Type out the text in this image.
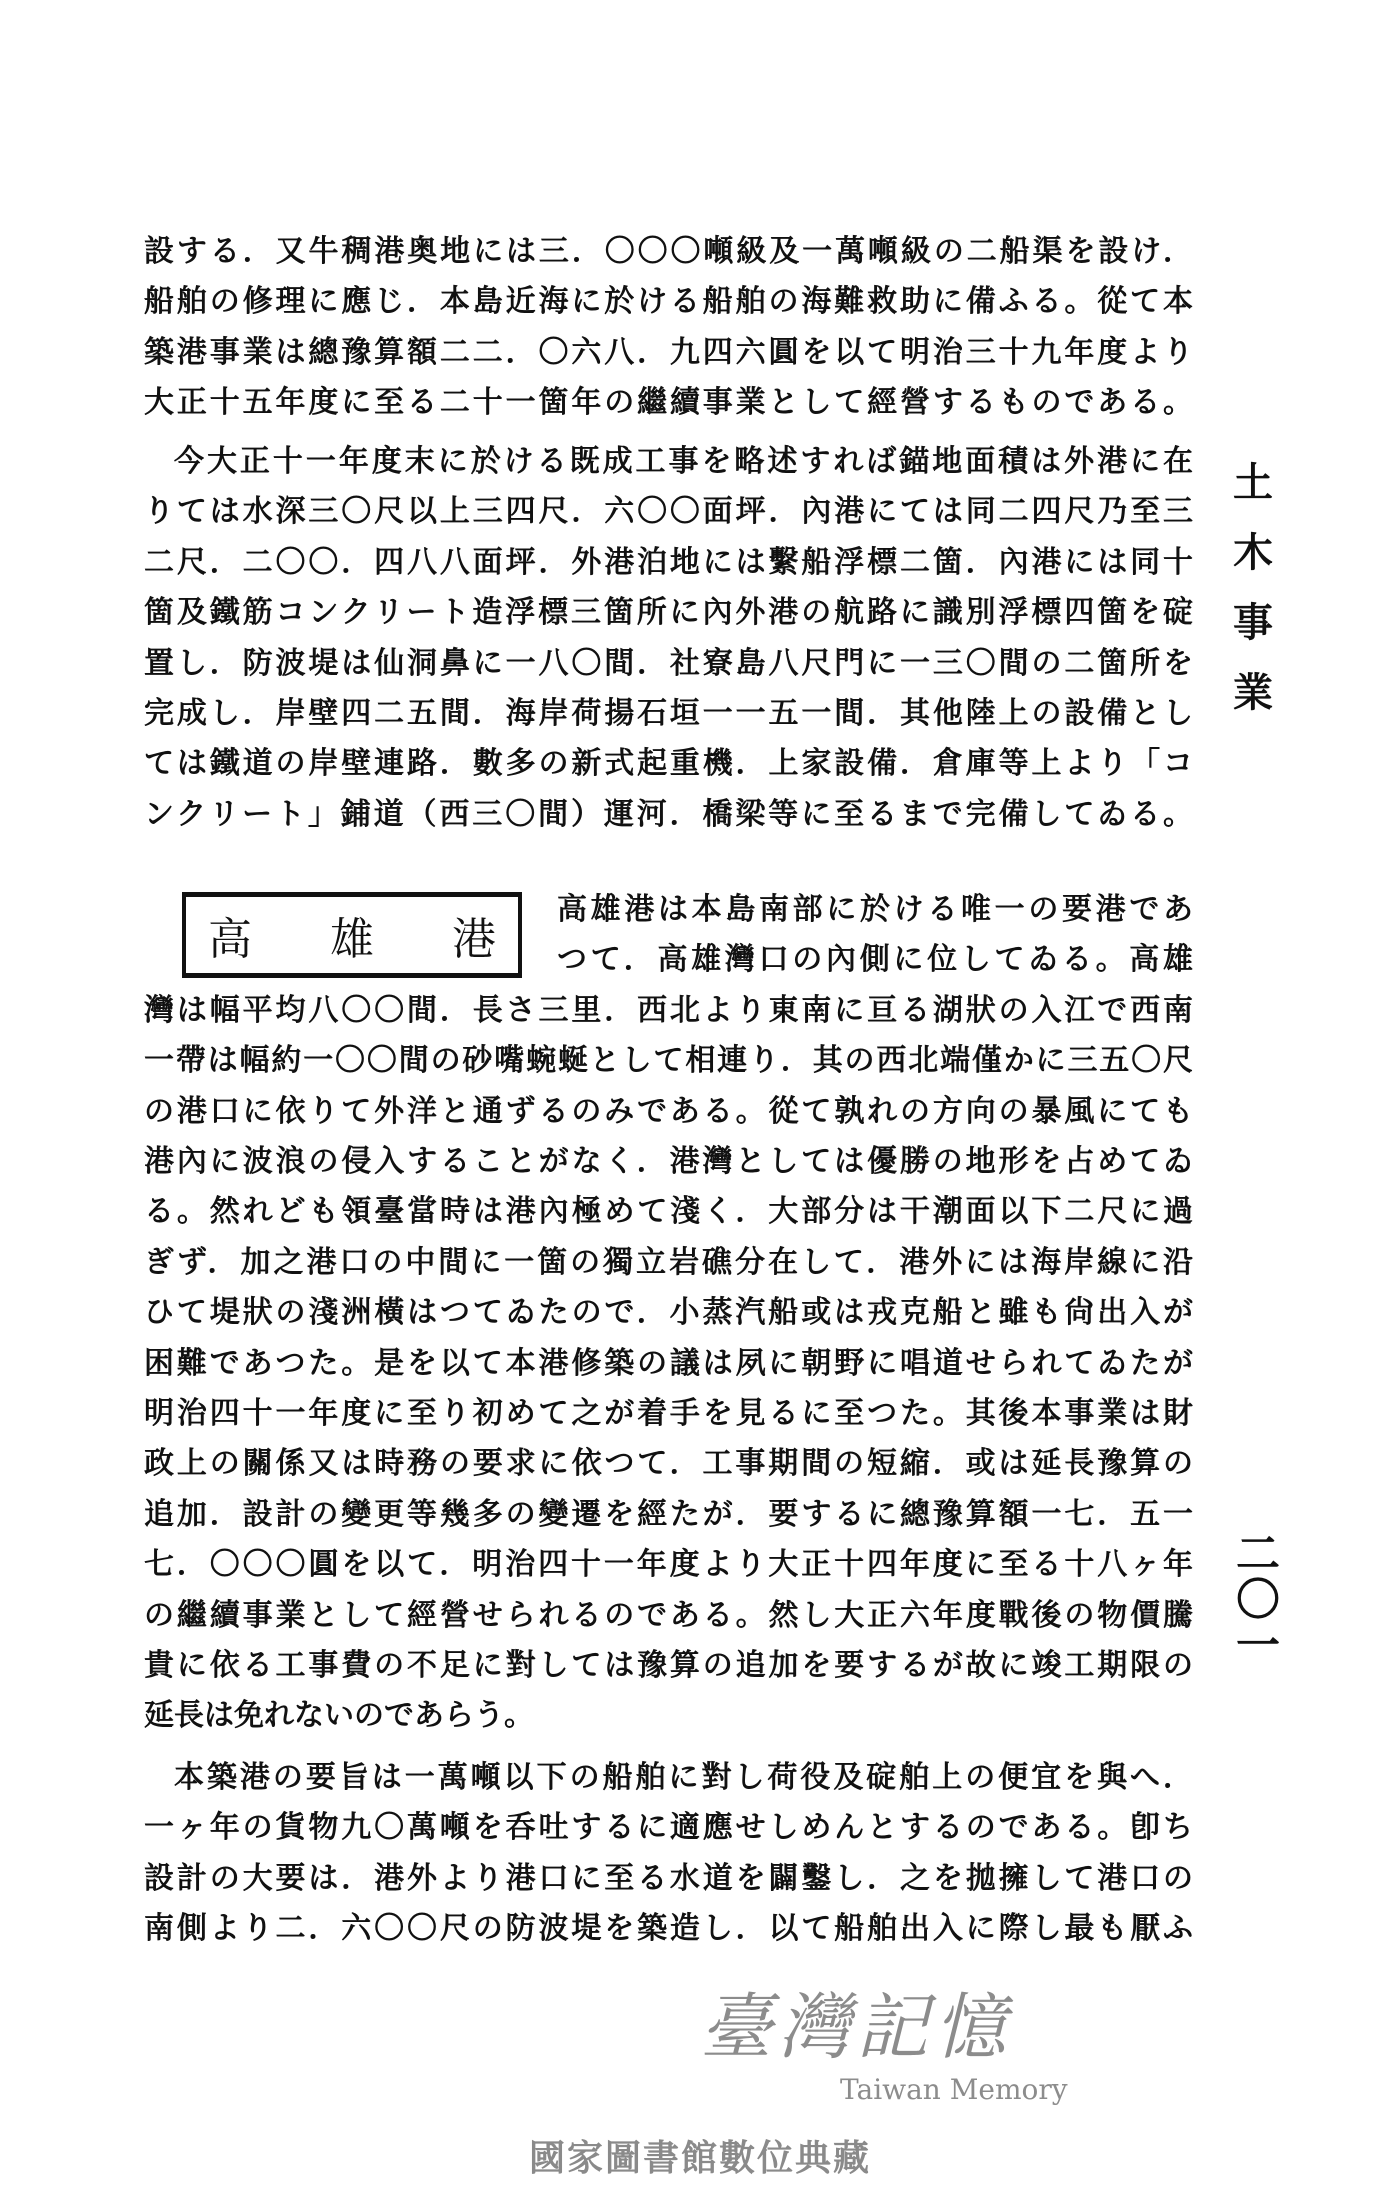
土
木
事
業
二〇一
高 雄 港
設する．又牛稠港奥地には三．〇〇〇噸級及一萬噸級の二船渠を設け．
船舶の修理に應じ．本島近海に於ける船舶の海難救助に備ふる。從て本
築港事業は總豫算額二二．〇六八．九四六圓を以て明治三十九年度より
大正十五年度に至る二十一箇年の繼續事業として經營するものである。
今大正十一年度末に於ける既成工事を略述すれば錨地面積は外港に在
りては水深三〇尺以上三四尺．六〇〇面坪．內港にては同二四尺乃至三
二尺．二〇〇．四八八面坪．外港泊地には繫船浮標二箇．內港には同十
箇及鐵筋コンクリート造浮標三箇所に內外港の航路に識別浮標四箇を碇
置し．防波堤は仙洞鼻に一八〇間．社寮島八尺門に一三〇間の二箇所を
完成し．岸壁四二五間．海岸荷揚石垣一一五一間．其他陸上の設備とし
ては鐵道の岸壁連路．數多の新式起重機．上家設備．倉庫等上より「コ
ンクリート」鋪道（西三〇間）運河．橋梁等に至るまで完備してゐる。
高雄港は本島南部に於ける唯一の要港であ
つて．高雄灣口の內側に位してゐる。高雄
灣は幅平均八〇〇間．長さ三里．西北より東南に亘る湖狀の入江で西南
一帶は幅約一〇〇間の砂嘴蜿蜒として相連り．其の西北端僅かに三五〇尺
の港口に依りて外洋と通ずるのみである。從て孰れの方向の暴風にても
港內に波浪の侵入することがなく．港灣としては優勝の地形を占めてゐ
る。然れども領臺當時は港內極めて淺く．大部分は干潮面以下二尺に過
ぎず．加之港口の中間に一箇の獨立岩礁分在して．港外には海岸線に沿
ひて堤狀の淺洲橫はつてゐたので．小蒸汽船或は戎克船と雖も尙出入が
困難であつた。是を以て本港修築の議は夙に朝野に唱道せられてゐたが
明治四十一年度に至り初めて之が着手を見るに至つた。其後本事業は財
政上の關係又は時務の要求に依つて．工事期間の短縮．或は延長豫算の
追加．設計の變更等幾多の變遷を經たが．要するに總豫算額一七．五一
七．〇〇〇圓を以て．明治四十一年度より大正十四年度に至る十八ヶ年
の繼續事業として經營せられるのである。然し大正六年度戰後の物價騰
貴に依る工事費の不足に對しては豫算の追加を要するが故に竣工期限の
延長は免れないのであらう。
本築港の要旨は一萬噸以下の船舶に對し荷役及碇舶上の便宜を與へ．
一ヶ年の貨物九〇萬噸を呑吐するに適應せしめんとするのである。卽ち
設計の大要は．港外より港口に至る水道を闢鑿し．之を拋擁して港口の
南側より二．六〇〇尺の防波堤を築造し．以て船舶出入に際し最も厭ふ
臺灣記憶
Taiwan Memory
國家圖書館數位典藏
